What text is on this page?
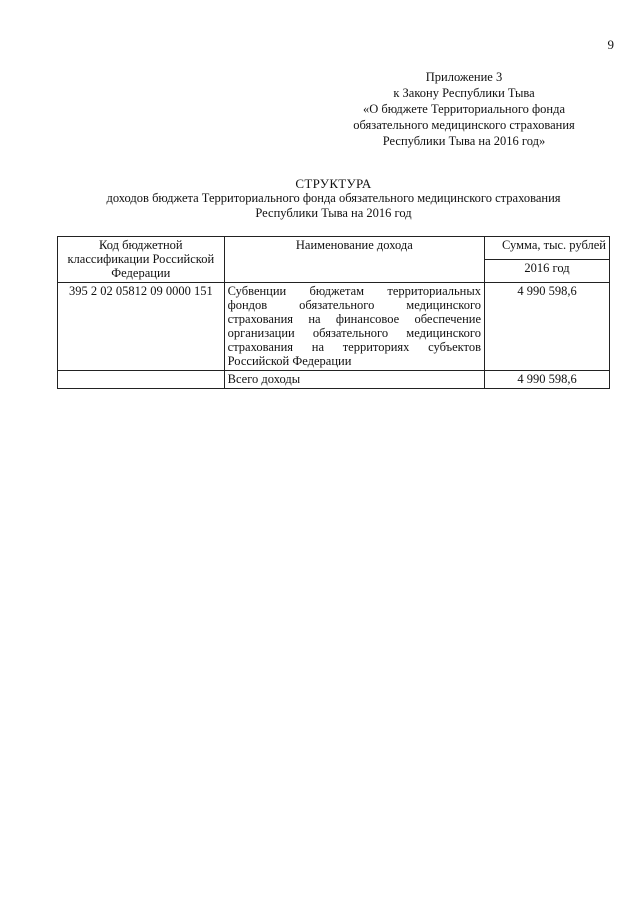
9
Приложение 3
к Закону Республики Тыва
«О бюджете Территориального фонда
обязательного медицинского страхования
Республики Тыва на 2016 год»
СТРУКТУРА
доходов бюджета Территориального фонда обязательного медицинского страхования
Республики Тыва на 2016 год
Код бюджетной классификации Российской Федерации	Наименование дохода	Сумма, тыс. рублей
		2016 год
395 2 02 05812 09 0000 151	Субвенции бюджетам территориальных фондов обязательного медицинского страхования на финансовое обеспечение организации обязательного медицинского страхования на территориях субъектов Российской Федерации	4 990 598,6
	Всего доходы	4 990 598,6
